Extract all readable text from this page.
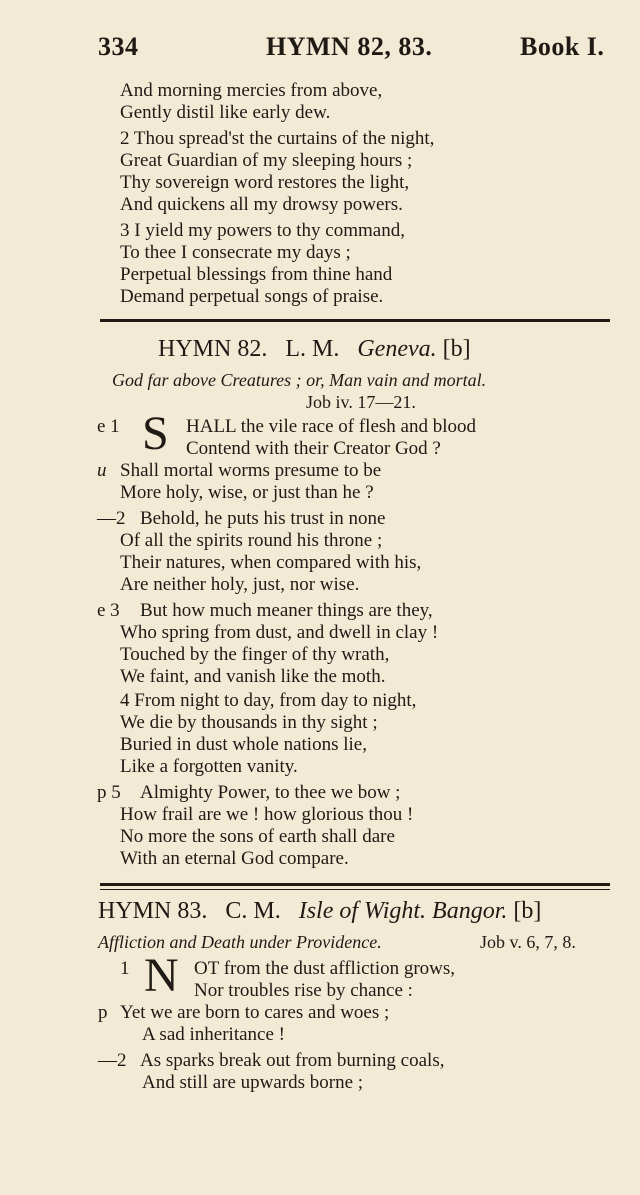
334	HYMN 82, 83.	Book I.
And morning mercies from above,
Gently distil like early dew.
2 Thou spread'st the curtains of the night,
Great Guardian of my sleeping hours ;
Thy sovereign word restores the light,
And quickens all my drowsy powers.
3 I yield my powers to thy command,
To thee I consecrate my days ;
Perpetual blessings from thine hand
Demand perpetual songs of praise.
HYMN 82. L. M. Geneva. [b]
God far above Creatures ; or, Man vain and mortal.
Job iv. 17—21.
e 1 S HALL the vile race of flesh and blood
Contend with their Creator God ?
u Shall mortal worms presume to be
More holy, wise, or just than he ?
—2 Behold, he puts his trust in none
Of all the spirits round his throne ;
Their natures, when compared with his,
Are neither holy, just, nor wise.
e 3 But how much meaner things are they,
Who spring from dust, and dwell in clay !
Touched by the finger of thy wrath,
We faint, and vanish like the moth.
4 From night to day, from day to night,
We die by thousands in thy sight ;
Buried in dust whole nations lie,
Like a forgotten vanity.
p 5 Almighty Power, to thee we bow ;
How frail are we ! how glorious thou !
No more the sons of earth shall dare
With an eternal God compare.
HYMN 83. C. M. Isle of Wight. Bangor. [b]
Affliction and Death under Providence.	Job v. 6, 7, 8.
1 N OT from the dust affliction grows,
Nor troubles rise by chance :
p Yet we are born to cares and woes ;
A sad inheritance !
—2 As sparks break out from burning coals,
And still are upwards borne ;
